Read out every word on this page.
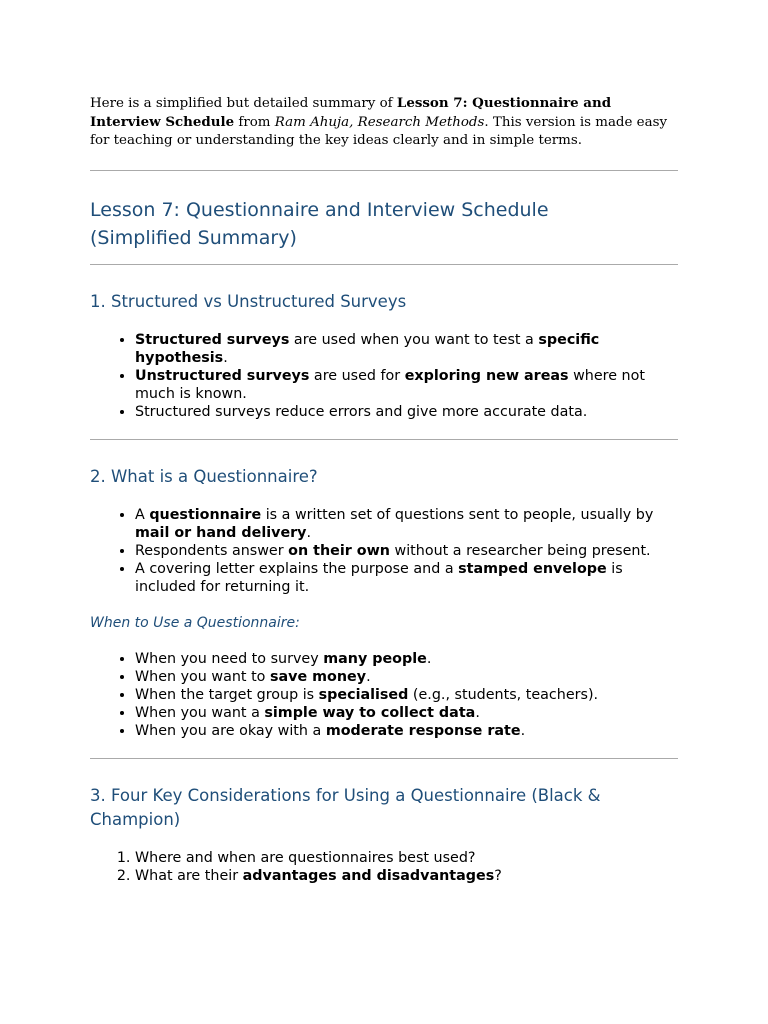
Here is a simplified but detailed summary of Lesson 7: Questionnaire and Interview Schedule from Ram Ahuja, Research Methods. This version is made easy for teaching or understanding the key ideas clearly and in simple terms.

Lesson 7: Questionnaire and Interview Schedule
(Simplified Summary)
1. Structured vs Unstructured Surveys
• Structured surveys are used when you want to test a specific hypothesis.
• Unstructured surveys are used for exploring new areas where not much is known.
• Structured surveys reduce errors and give more accurate data.
2. What is a Questionnaire?
• A questionnaire is a written set of questions sent to people, usually by mail or hand delivery.
• Respondents answer on their own without a researcher being present.
• A covering letter explains the purpose and a stamped envelope is included for returning it.
When to Use a Questionnaire:
• When you need to survey many people.
• When you want to save money.
• When the target group is specialised (e.g., students, teachers).
• When you want a simple way to collect data.
• When you are okay with a moderate response rate.
3. Four Key Considerations for Using a Questionnaire (Black & Champion)
1. Where and when are questionnaires best used?
2. What are their advantages and disadvantages?
